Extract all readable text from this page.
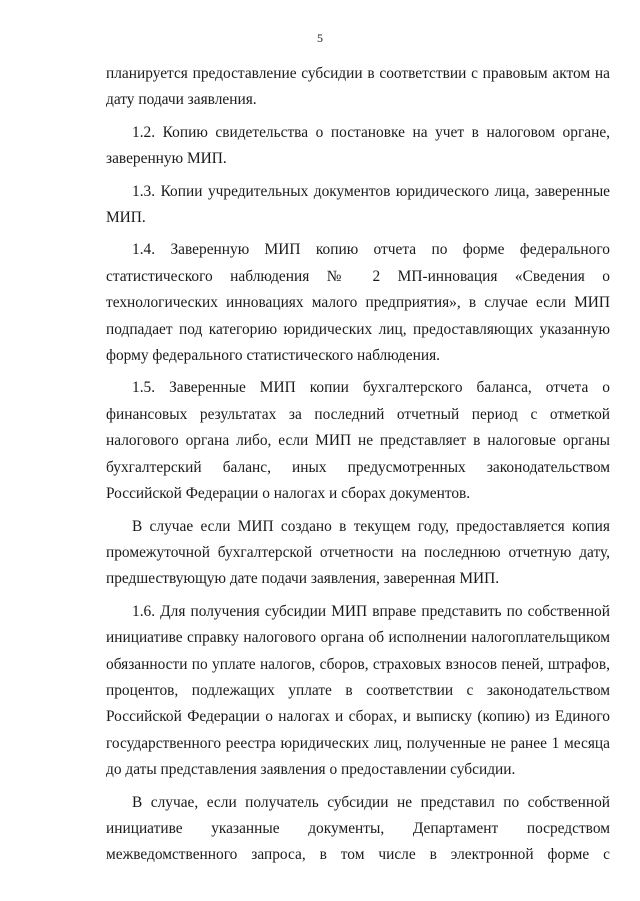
5

планируется предоставление субсидии в соответствии с правовым актом на дату подачи заявления.

1.2. Копию свидетельства о постановке на учет в налоговом органе, заверенную МИП.

1.3. Копии учредительных документов юридического лица, заверенные МИП.

1.4. Заверенную МИП копию отчета по форме федерального статистического наблюдения № 2 МП-инновация «Сведения о технологических инновациях малого предприятия», в случае если МИП подпадает под категорию юридических лиц, предоставляющих указанную форму федерального статистического наблюдения.

1.5. Заверенные МИП копии бухгалтерского баланса, отчета о финансовых результатах за последний отчетный период с отметкой налогового органа либо, если МИП не представляет в налоговые органы бухгалтерский баланс, иных предусмотренных законодательством Российской Федерации о налогах и сборах документов.

В случае если МИП создано в текущем году, предоставляется копия промежуточной бухгалтерской отчетности на последнюю отчетную дату, предшествующую дате подачи заявления, заверенная МИП.

1.6. Для получения субсидии МИП вправе представить по собственной инициативе справку налогового органа об исполнении налогоплательщиком обязанности по уплате налогов, сборов, страховых взносов пеней, штрафов, процентов, подлежащих уплате в соответствии с законодательством Российской Федерации о налогах и сборах, и выписку (копию) из Единого государственного реестра юридических лиц, полученные не ранее 1 месяца до даты представления заявления о предоставлении субсидии.

В случае, если получатель субсидии не представил по собственной инициативе указанные документы, Департамент посредством межведомственного запроса, в том числе в электронной форме с
